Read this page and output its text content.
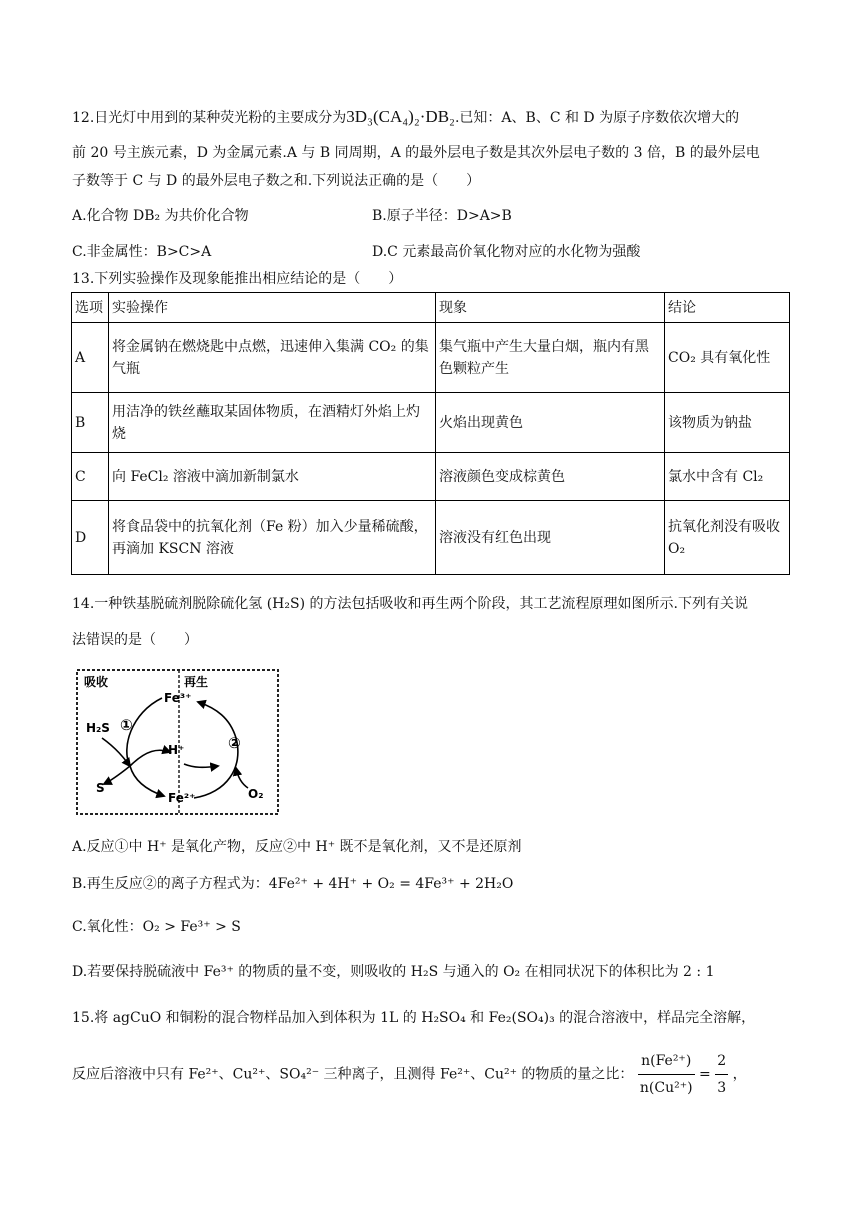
12.日光灯中用到的某种荧光粉的主要成分为3D₃(CA₄)₂·DB₂.已知：A、B、C 和 D 为原子序数依次增大的
前 20 号主族元素，D 为金属元素.A 与 B 同周期，A 的最外层电子数是其次外层电子数的 3 倍，B 的最外层电
子数等于 C 与 D 的最外层电子数之和.下列说法正确的是（　　）
A.化合物 DB₂ 为共价化合物	B.原子半径：D>A>B
C.非金属性：B>C>A	D.C 元素最高价氧化物对应的水化物为强酸
13.下列实验操作及现象能推出相应结论的是（　　）
选项	实验操作	现象	结论
A	将金属钠在燃烧匙中点燃，迅速伸入集满 CO₂ 的集气瓶	集气瓶中产生大量白烟，瓶内有黑色颗粒产生	CO₂ 具有氧化性
B	用洁净的铁丝蘸取某固体物质，在酒精灯外焰上灼烧	火焰出现黄色	该物质为钠盐
C	向 FeCl₂ 溶液中滴加新制氯水	溶液颜色变成棕黄色	氯水中含有 Cl₂
D	将食品袋中的抗氧化剂（Fe 粉）加入少量稀硫酸，再滴加 KSCN 溶液	溶液没有红色出现	抗氧化剂没有吸收 O₂
14.一种铁基脱硫剂脱除硫化氢 (H₂S) 的方法包括吸收和再生两个阶段，其工艺流程原理如图所示.下列有关说
法错误的是（　　）
吸收	再生
H₂S
S
Fe³⁺
Fe²⁺
H⁺
O₂
①
②
A.反应①中 H⁺ 是氧化产物，反应②中 H⁺ 既不是氧化剂，又不是还原剂
B.再生反应②的离子方程式为：4Fe²⁺ + 4H⁺ + O₂ = 4Fe³⁺ + 2H₂O
C.氧化性：O₂ > Fe³⁺ > S
D.若要保持脱硫液中 Fe³⁺ 的物质的量不变，则吸收的 H₂S 与通入的 O₂ 在相同状况下的体积比为 2 : 1
15.将 agCuO 和铜粉的混合物样品加入到体积为 1L 的 H₂SO₄ 和 Fe₂(SO₄)₃ 的混合溶液中，样品完全溶解，
反应后溶液中只有 Fe²⁺、Cu²⁺、SO₄²⁻ 三种离子，且测得 Fe²⁺、Cu²⁺ 的物质的量之比： $\frac{\text{n(Fe²⁺)}}{\text{n(Cu²⁺)}} = \frac{2}{3}$ ，
